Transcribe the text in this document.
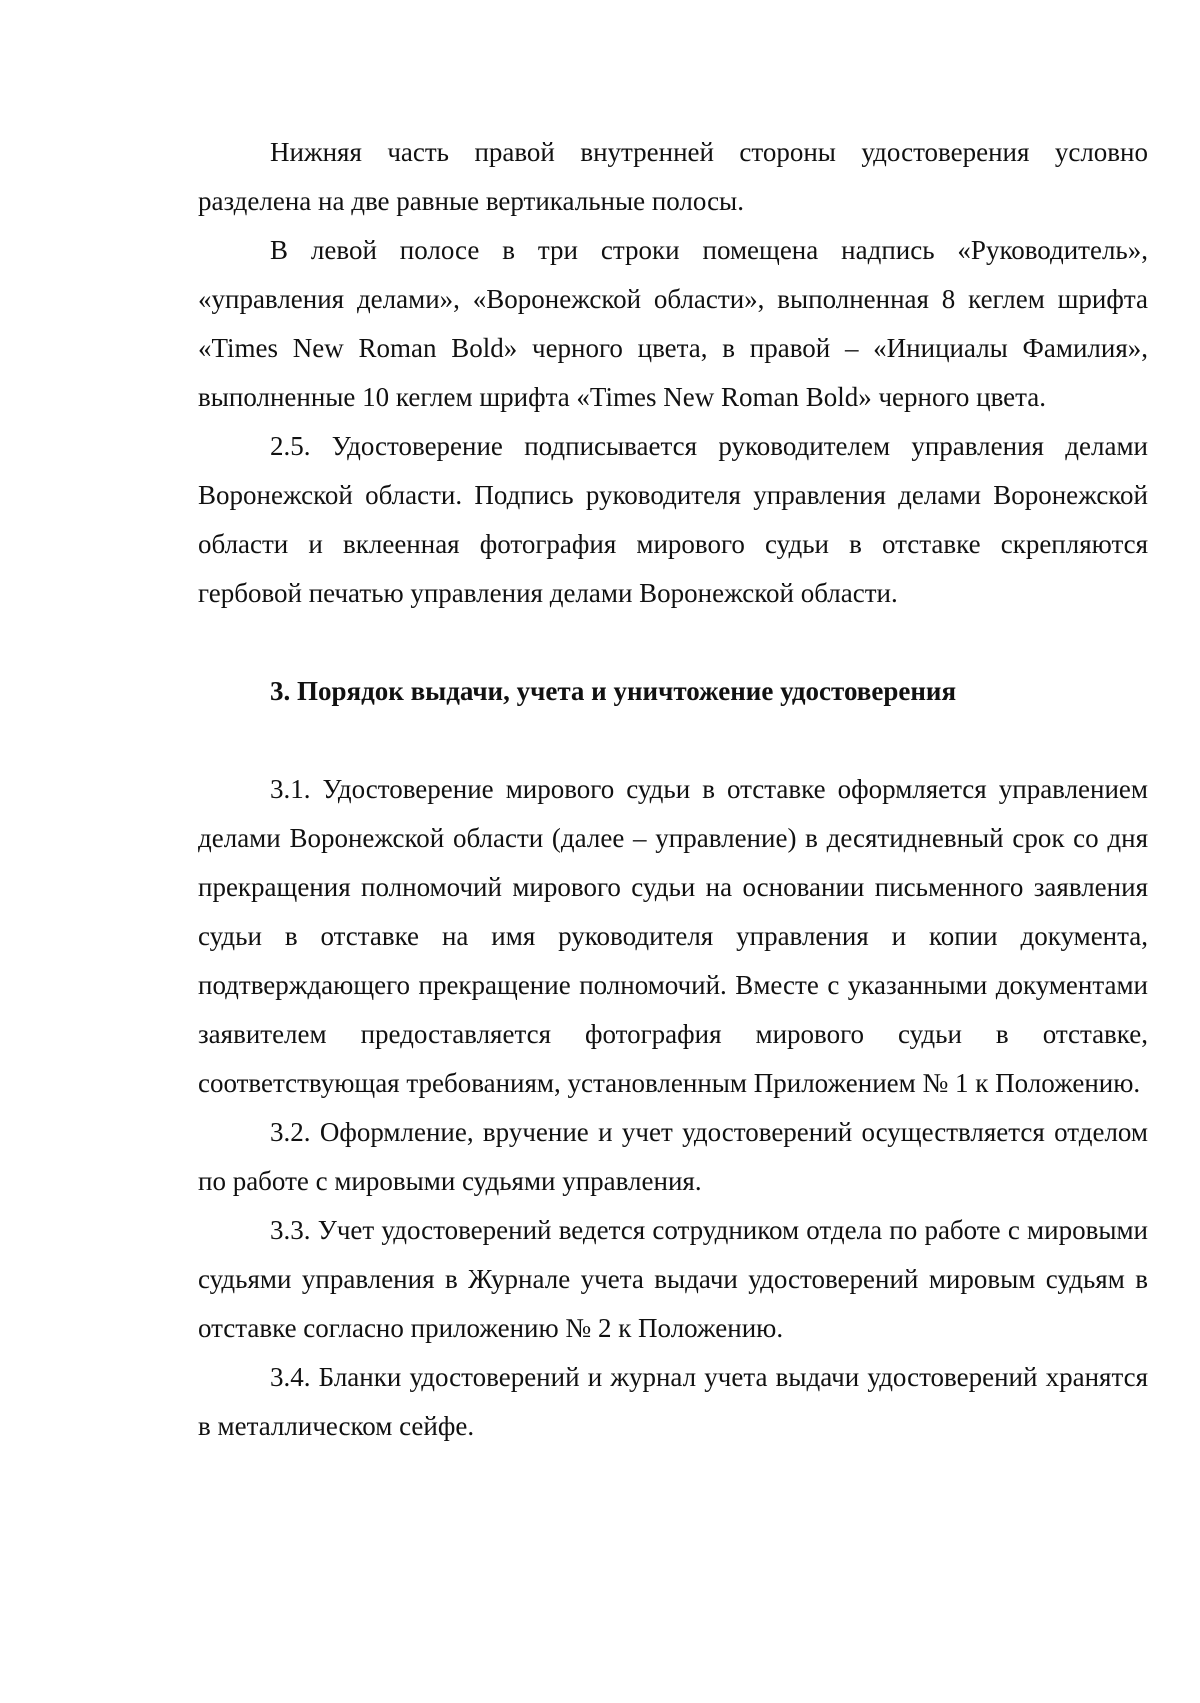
Нижняя часть правой внутренней стороны удостоверения условно разделена на две равные вертикальные полосы.

В левой полосе в три строки помещена надпись «Руководитель», «управления делами», «Воронежской области», выполненная 8 кеглем шрифта «Times New Roman Bold» черного цвета, в правой – «Инициалы Фамилия», выполненные 10 кеглем шрифта «Times New Roman Bold» черного цвета.

2.5. Удостоверение подписывается руководителем управления делами Воронежской области. Подпись руководителя управления делами Воронежской области и вклеенная фотография мирового судьи в отставке скрепляются гербовой печатью управления делами Воронежской области.

3. Порядок выдачи, учета и уничтожение удостоверения

3.1. Удостоверение мирового судьи в отставке оформляется управлением делами Воронежской области (далее – управление) в десятидневный срок со дня прекращения полномочий мирового судьи на основании письменного заявления судьи в отставке на имя руководителя управления и копии документа, подтверждающего прекращение полномочий. Вместе с указанными документами заявителем предоставляется фотография мирового судьи в отставке, соответствующая требованиям, установленным Приложением № 1 к Положению.

3.2. Оформление, вручение и учет удостоверений осуществляется отделом по работе с мировыми судьями управления.

3.3. Учет удостоверений ведется сотрудником отдела по работе с мировыми судьями управления в Журнале учета выдачи удостоверений мировым судьям в отставке согласно приложению № 2 к Положению.

3.4. Бланки удостоверений и журнал учета выдачи удостоверений хранятся в металлическом сейфе.
